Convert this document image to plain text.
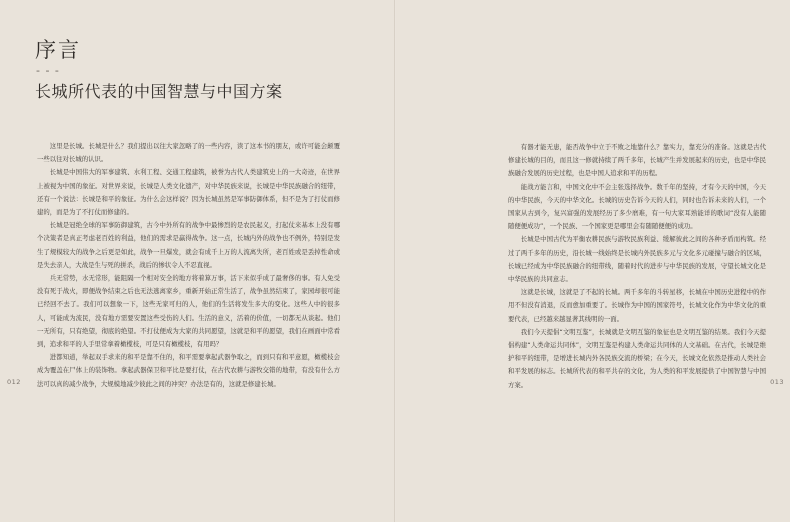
序言
- - -
长城所代表的中国智慧与中国方案

这里是长城。长城是什么？我们提出以往大家忽略了的一些内容，读了这本书的朋友，或许可能会颠覆一些以往对长城的认识。

长城是中国伟大的军事建筑、水利工程、交通工程建筑，被誉为古代人类建筑史上的一大奇迹，在世界上被视为中国的象征。对世界来说，长城是人类文化遗产，对中华民族来说，长城是中华民族融合的纽带，还有一个说法：长城是和平的象征。为什么会这样说？因为长城虽然是军事防御体系，但不是为了打仗而修建的，而是为了不打仗而修建的。

长城是冠绝全球的军事防御建筑，古今中外所有的战争中最惨烈的是农民起义，打起仗来基本上没有哪个决策者是真正考虑老百姓的利益，他们的需求是赢得战争。这一点，长城内外的战争也不例外，特别是发生了规模较大的战争之后更是如此，战争一旦爆发，就会有成千上万的人流离失所，老百姓或是丢掉性命或是失去亲人，大战是生与死的拼杀，战后的惨状令人不忍直视。

兵无常势，水无常形，能阻隔一个相对安全的地方将着算万事，活下来似乎成了最奢侈的事。有人免受没有死于战火，即便战争结束之后也无法逃离家乡，重新开始正常生活了，战争虽然结束了，家园却很可能已经回不去了。我们可以想象一下，这些无家可归的人，他们的生活将发生多大的变化。这些人中的很多人，可能成为流民，没有地方需要安置这些受伤的人们。生活的意义，活着的价值，一切都无从谈起。他们一无所有，只有绝望，彻底的绝望。不打仗便成为大家的共同愿望，这就是和平的愿望，我们在画面中常看到，追求和平的人手里常拿着橄榄枝，可是只有橄榄枝，有用吗？

进都知道，举起双手求来的和平是靠不住的，和平需要拿起武器争取之，而到只有和平意愿，橄榄枝会成为覆盖在尸体上的装饰物。拿起武器保卫和平比是要打仗，在古代农耕与游牧交错的地带，有没有什么方法可以真的减少战争，大规模地减少彼此之间的冲突？办法是有的，这就是修建长城。

012

有器才能无患，能否战争中立于不败之地靠什么？靠实力，靠充分的准备。这就是古代修建长城的目的，而且这一修就持续了两千多年，长城产生并发展起来的历史，也是中华民族融合发展的历史过程，也是中国人追求和平的历程。

能战方能言和，中国文化中不会主张选择战争。数千年的坚持，才有今天的中国，今天的中华民族，今天的中华文化。长城的历史告诉今天的人们，同时也告诉未来的人们，一个国家从古到今，复兴富强的发展经历了多少磨难，有一句大家耳熟能详的歌词“没有人能随随便便成功”，一个民族、一个国家更是哪里会有随随便便的成功。

长城是中国古代为平衡农耕民族与游牧民族利益、缓解彼此之间的各种矛盾而构筑。经过了两千多年的历史，沿长城一线始终是长城内外民族多元与文化多元碰撞与融合的区域，长城已经成为中华民族融合的纽带线，随着时代的进步与中华民族的发展，守望长城文化是中华民族的共同意志。

这就是长城，这就是了不起的长城。两千多年的斗转星移，长城在中国历史进程中的作用不但没有消退，反而愈加重要了。长城作为中国的国家符号，长城文化作为中华文化的重要代表，已经越来越显著其线明的一面。

我们今天提倡“文明互鉴”，长城就是文明互鉴的象征也是文明互鉴的结果。我们今天提倡构建“人类命运共同体”，文明互鉴是构建人类命运共同体的人文基础。在古代，长城是维护和平的纽带，是增进长城内外各民族交流的桥梁；在今天，长城文化依然是推动人类社会和平发展的标志。长城所代表的和平共存的文化，为人类的和平发展提供了中国智慧与中国方案。	013
